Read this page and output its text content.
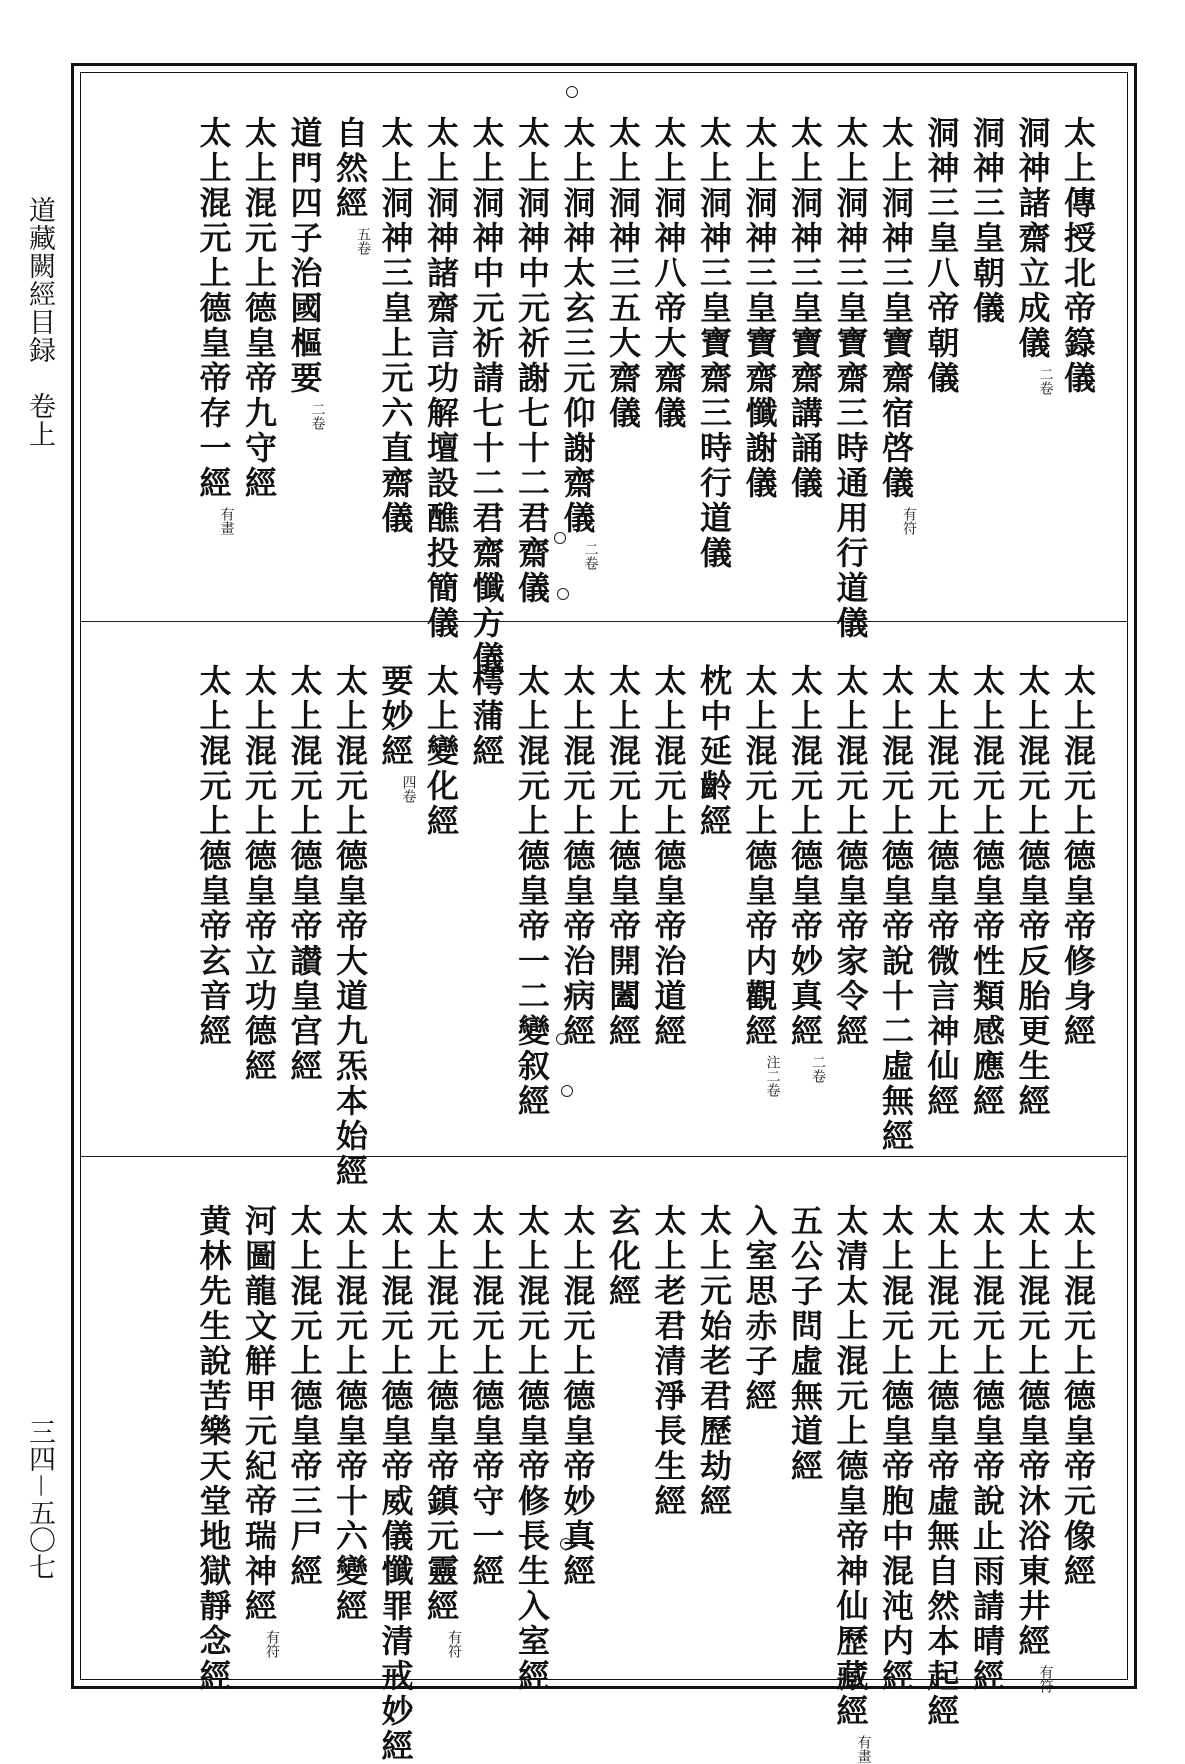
道藏闕經目録　卷上
三四－五〇七
太上傳授北帝籙儀
洞神諸齋立成儀二卷
洞神三皇朝儀
洞神三皇八帝朝儀
太上洞神三皇寶齋宿啓儀有符
太上洞神三皇寶齋三時通用行道儀
太上洞神三皇寶齋講誦儀
太上洞神三皇寶齋懺謝儀
太上洞神三皇寶齋三時行道儀
太上洞神八帝大齋儀
太上洞神三五大齋儀
太上洞神太玄三元仰謝齋儀二卷
太上洞神中元祈謝七十二君齋儀
太上洞神中元祈請七十二君齋懺方儀
太上洞神諸齋言功解壇設醮投簡儀
太上洞神三皇上元六直齋儀
自然經五卷
道門四子治國樞要二卷
太上混元上德皇帝九守經
太上混元上德皇帝存一經有畫
太上混元上德皇帝修身經
太上混元上德皇帝反胎更生經
太上混元上德皇帝性類感應經
太上混元上德皇帝微言神仙經
太上混元上德皇帝說十二虛無經
太上混元上德皇帝家令經
太上混元上德皇帝妙真經二卷
太上混元上德皇帝内觀經注二卷
枕中延齡經
太上混元上德皇帝治道經
太上混元上德皇帝開闔經
太上混元上德皇帝治病經
太上混元上德皇帝一二變叙經
樗蒲經
太上變化經
要妙經四卷
太上混元上德皇帝大道九炁本始經
太上混元上德皇帝讃皇宫經
太上混元上德皇帝立功德經
太上混元上德皇帝玄音經
太上混元上德皇帝元像經
太上混元上德皇帝沐浴東井經有符
太上混元上德皇帝說止雨請晴經
太上混元上德皇帝虛無自然本起經
太上混元上德皇帝胞中混沌内經
太清太上混元上德皇帝神仙歷藏經有畫
五公子問虛無道經
入室思赤子經
太上元始老君歷劫經
太上老君清淨長生經
玄化經
太上混元上德皇帝妙真經
太上混元上德皇帝修長生入室經
太上混元上德皇帝守一經
太上混元上德皇帝鎮元靈經有符
太上混元上德皇帝威儀懺罪清戒妙經
太上混元上德皇帝十六變經
太上混元上德皇帝三尸經
河圖龍文觧甲元紀帝瑞神經有符
黄林先生說苦樂天堂地獄靜念經
